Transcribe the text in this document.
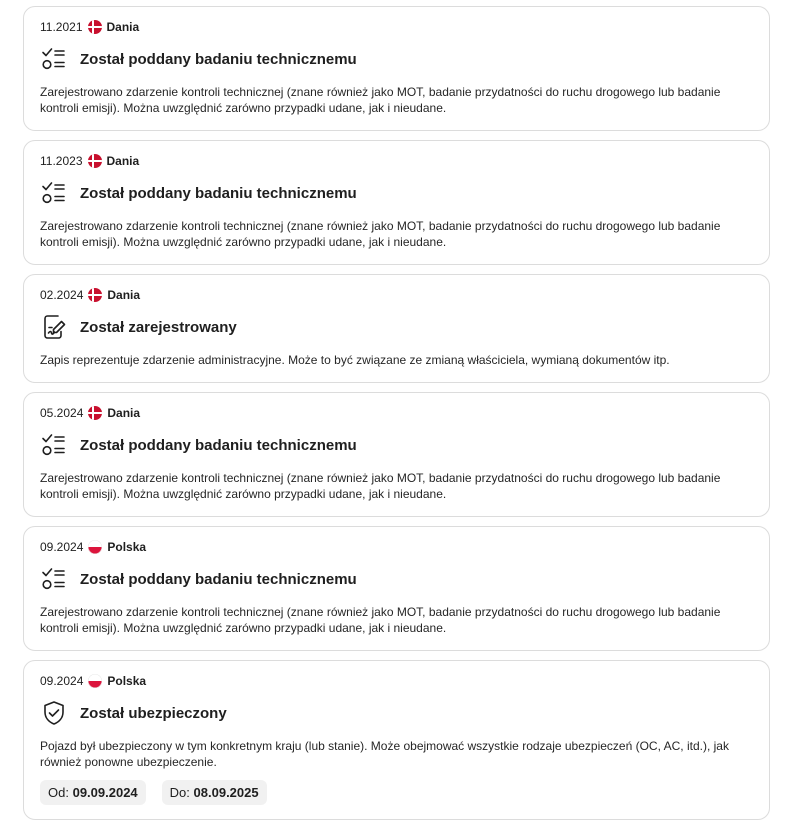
11.2021 Dania
Został poddany badaniu technicznemu
Zarejestrowano zdarzenie kontroli technicznej (znane również jako MOT, badanie przydatności do ruchu drogowego lub badanie kontroli emisji). Można uwzględnić zarówno przypadki udane, jak i nieudane.
11.2023 Dania
Został poddany badaniu technicznemu
Zarejestrowano zdarzenie kontroli technicznej (znane również jako MOT, badanie przydatności do ruchu drogowego lub badanie kontroli emisji). Można uwzględnić zarówno przypadki udane, jak i nieudane.
02.2024 Dania
Został zarejestrowany
Zapis reprezentuje zdarzenie administracyjne. Może to być związane ze zmianą właściciela, wymianą dokumentów itp.
05.2024 Dania
Został poddany badaniu technicznemu
Zarejestrowano zdarzenie kontroli technicznej (znane również jako MOT, badanie przydatności do ruchu drogowego lub badanie kontroli emisji). Można uwzględnić zarówno przypadki udane, jak i nieudane.
09.2024 Polska
Został poddany badaniu technicznemu
Zarejestrowano zdarzenie kontroli technicznej (znane również jako MOT, badanie przydatności do ruchu drogowego lub badanie kontroli emisji). Można uwzględnić zarówno przypadki udane, jak i nieudane.
09.2024 Polska
Został ubezpieczony
Pojazd był ubezpieczony w tym konkretnym kraju (lub stanie). Może obejmować wszystkie rodzaje ubezpieczeń (OC, AC, itd.), jak również ponowne ubezpieczenie.
Od: 09.09.2024	Do: 08.09.2025
